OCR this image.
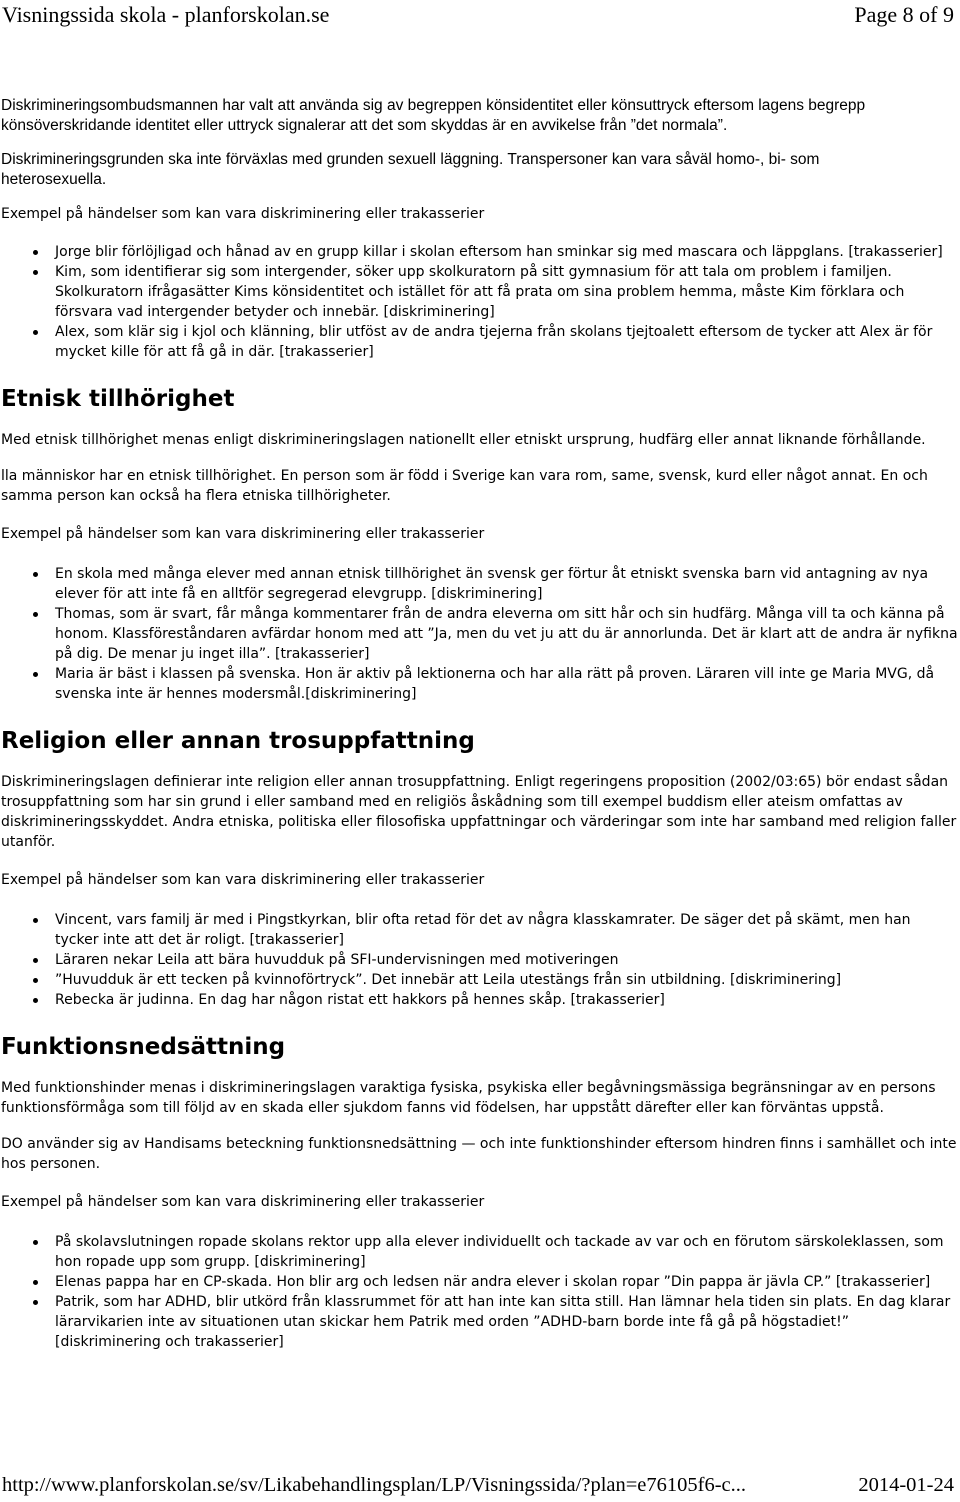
Visningssida skola - planforskolan.se	Page 8 of 9

Diskrimineringsombudsmannen har valt att använda sig av begreppen könsidentitet eller könsuttryck eftersom lagens begrepp
könsöverskridande identitet eller uttryck signalerar att det som skyddas är en avvikelse från ”det normala”.
Diskrimineringsgrunden ska inte förväxlas med grunden sexuell läggning. Transpersoner kan vara såväl homo-, bi- som
heterosexuella.

Exempel på händelser som kan vara diskriminering eller trakasserier

Jorge blir förlöjligad och hånad av en grupp killar i skolan eftersom han sminkar sig med mascara och läppglans. [trakasserier]
Kim, som identifierar sig som intergender, söker upp skolkuratorn på sitt gymnasium för att tala om problem i familjen. Skolkuratorn ifrågasätter Kims könsidentitet och istället för att få prata om sina problem hemma, måste Kim förklara och försvara vad intergender betyder och innebär. [diskriminering]
Alex, som klär sig i kjol och klänning, blir utföst av de andra tjejerna från skolans tjejtoalett eftersom de tycker att Alex är för mycket kille för att få gå in där. [trakasserier]
Etnisk tillhörighet

Med etnisk tillhörighet menas enligt diskrimineringslagen nationellt eller etniskt ursprung, hudfärg eller annat liknande förhållande.

lla människor har en etnisk tillhörighet. En person som är född i Sverige kan vara rom, same, svensk, kurd eller något annat. En och samma person kan också ha flera etniska tillhörigheter.

Exempel på händelser som kan vara diskriminering eller trakasserier

En skola med många elever med annan etnisk tillhörighet än svensk ger förtur åt etniskt svenska barn vid antagning av nya elever för att inte få en alltför segregerad elevgrupp. [diskriminering]
Thomas, som är svart, får många kommentarer från de andra eleverna om sitt hår och sin hudfärg. Många vill ta och känna på honom. Klassföreståndaren avfärdar honom med att ”Ja, men du vet ju att du är annorlunda. Det är klart att de andra är nyfikna på dig. De menar ju inget illa”. [trakasserier]
Maria är bäst i klassen på svenska. Hon är aktiv på lektionerna och har alla rätt på proven. Läraren vill inte ge Maria MVG, då svenska inte är hennes modersmål.[diskriminering]
Religion eller annan trosuppfattning

Diskrimineringslagen definierar inte religion eller annan trosuppfattning. Enligt regeringens proposition (2002/03:65) bör endast sådan trosuppfattning som har sin grund i eller samband med en religiös åskådning som till exempel buddism eller ateism omfattas av diskrimineringsskyddet. Andra etniska, politiska eller filosofiska uppfattningar och värderingar som inte har samband med religion faller utanför.

Exempel på händelser som kan vara diskriminering eller trakasserier

Vincent, vars familj är med i Pingstkyrkan, blir ofta retad för det av några klasskamrater. De säger det på skämt, men han tycker inte att det är roligt. [trakasserier]
Läraren nekar Leila att bära huvudduk på SFI-undervisningen med motiveringen
”Huvudduk är ett tecken på kvinnoförtryck”. Det innebär att Leila utestängs från sin utbildning. [diskriminering]
Rebecka är judinna. En dag har någon ristat ett hakkors på hennes skåp. [trakasserier]
Funktionsnedsättning

Med funktionshinder menas i diskrimineringslagen varaktiga fysiska, psykiska eller begåvningsmässiga begränsningar av en persons funktionsförmåga som till följd av en skada eller sjukdom fanns vid födelsen, har uppstått därefter eller kan förväntas uppstå.

DO använder sig av Handisams beteckning funktionsnedsättning — och inte funktionshinder eftersom hindren finns i samhället och inte hos personen.

Exempel på händelser som kan vara diskriminering eller trakasserier

På skolavslutningen ropade skolans rektor upp alla elever individuellt och tackade av var och en förutom särskoleklassen, som hon ropade upp som grupp. [diskriminering]
Elenas pappa har en CP-skada. Hon blir arg och ledsen när andra elever i skolan ropar ”Din pappa är jävla CP.” [trakasserier]
Patrik, som har ADHD, blir utkörd från klassrummet för att han inte kan sitta still. Han lämnar hela tiden sin plats. En dag klarar lärarvikarien inte av situationen utan skickar hem Patrik med orden ”ADHD-barn borde inte få gå på högstadiet!” [diskriminering och trakasserier]
http://www.planforskolan.se/sv/Likabehandlingsplan/LP/Visningssida/?plan=e76105f6-c...	2014-01-24
